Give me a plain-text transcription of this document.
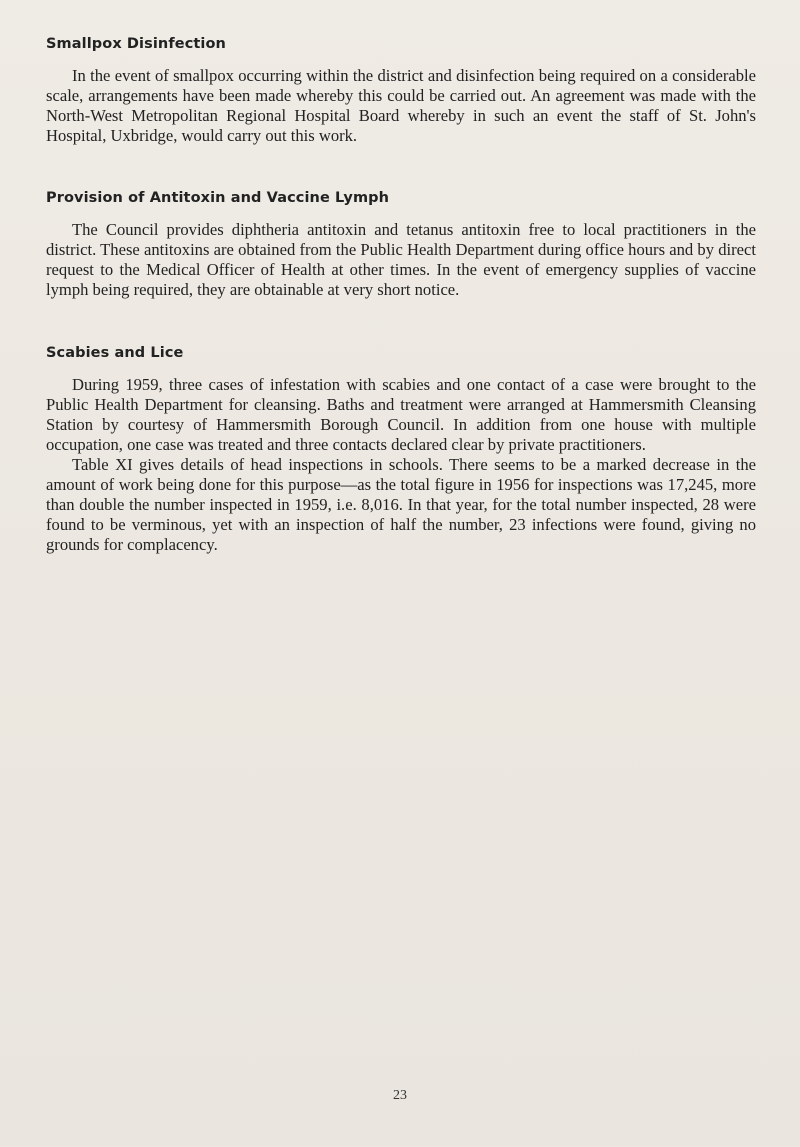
Smallpox Disinfection

In the event of smallpox occurring within the district and disinfection being required on a considerable scale, arrangements have been made whereby this could be carried out. An agreement was made with the North-West Metropolitan Regional Hospital Board whereby in such an event the staff of St. John's Hospital, Uxbridge, would carry out this work.

Provision of Antitoxin and Vaccine Lymph

The Council provides diphtheria antitoxin and tetanus antitoxin free to local practitioners in the district. These antitoxins are obtained from the Public Health Department during office hours and by direct request to the Medical Officer of Health at other times. In the event of emergency supplies of vaccine lymph being required, they are obtainable at very short notice.

Scabies and Lice

During 1959, three cases of infestation with scabies and one contact of a case were brought to the Public Health Department for cleansing. Baths and treatment were arranged at Hammersmith Cleansing Station by courtesy of Hammersmith Borough Council. In addition from one house with multiple occupation, one case was treated and three contacts declared clear by private practitioners.

Table XI gives details of head inspections in schools. There seems to be a marked decrease in the amount of work being done for this purpose—as the total figure in 1956 for inspections was 17,245, more than double the number inspected in 1959, i.e. 8,016. In that year, for the total number inspected, 28 were found to be verminous, yet with an inspection of half the number, 23 infections were found, giving no grounds for complacency.

23
